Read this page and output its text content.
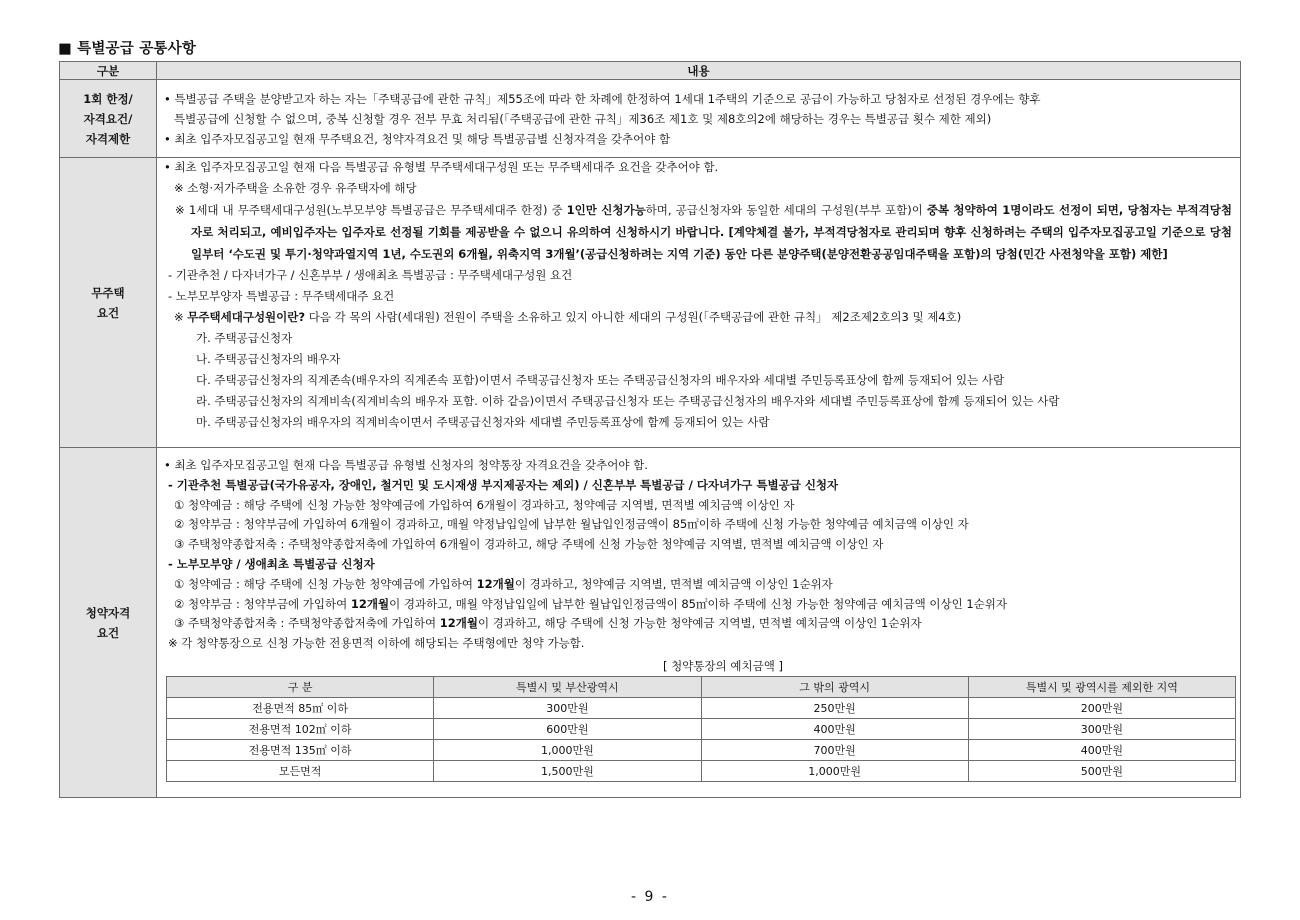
■ 특별공급 공통사항
구분	내용

1회 한정/
자격요건/
자격제한

• 특별공급 주택을 분양받고자 하는 자는「주택공급에 관한 규칙」제55조에 따라 한 차례에 한정하여 1세대 1주택의 기준으로 공급이 가능하고 당첨자로 선정된 경우에는 향후
특별공급에 신청할 수 없으며, 중복 신청할 경우 전부 무효 처리됨(「주택공급에 관한 규칙」제36조 제1호 및 제8호의2에 해당하는 경우는 특별공급 횟수 제한 제외)
• 최초 입주자모집공고일 현재 무주택요건, 청약자격요건 및 해당 특별공급별 신청자격을 갖추어야 함

무주택
요건

• 최초 입주자모집공고일 현재 다음 특별공급 유형별 무주택세대구성원 또는 무주택세대주 요건을 갖추어야 함.
※ 소형·저가주택을 소유한 경우 유주택자에 해당
※ 1세대 내 무주택세대구성원(노부모부양 특별공급은 무주택세대주 한정) 중 1인만 신청가능하며, 공급신청자와 동일한 세대의 구성원(부부 포함)이 중복 청약하여 1명이라도 선정이 되면, 당첨자는 부적격당첨자로 처리되고, 예비입주자는 입주자로 선정될 기회를 제공받을 수 없으니 유의하여 신청하시기 바랍니다. [계약체결 불가, 부적격당첨자로 관리되며 향후 신청하려는 주택의 입주자모집공고일 기준으로 당첨일부터 ‘수도권 및 투기·청약과열지역 1년, 수도권외 6개월, 위축지역 3개월’(공급신청하려는 지역 기준) 동안 다른 분양주택(분양전환공공임대주택을 포함)의 당첨(민간 사전청약을 포함) 제한]
- 기관추천 / 다자녀가구 / 신혼부부 / 생애최초 특별공급 : 무주택세대구성원 요건
- 노부모부양자 특별공급 : 무주택세대주 요건
※ 무주택세대구성원이란? 다음 각 목의 사람(세대원) 전원이 주택을 소유하고 있지 아니한 세대의 구성원(「주택공급에 관한 규칙」 제2조제2호의3 및 제4호)
가. 주택공급신청자
나. 주택공급신청자의 배우자
다. 주택공급신청자의 직계존속(배우자의 직계존속 포함)이면서 주택공급신청자 또는 주택공급신청자의 배우자와 세대별 주민등록표상에 함께 등재되어 있는 사람
라. 주택공급신청자의 직계비속(직계비속의 배우자 포함. 이하 같음)이면서 주택공급신청자 또는 주택공급신청자의 배우자와 세대별 주민등록표상에 함께 등재되어 있는 사람
마. 주택공급신청자의 배우자의 직계비속이면서 주택공급신청자와 세대별 주민등록표상에 함께 등재되어 있는 사람

청약자격
요건

• 최초 입주자모집공고일 현재 다음 특별공급 유형별 신청자의 청약통장 자격요건을 갖추어야 함.
- 기관추천 특별공급(국가유공자, 장애인, 철거민 및 도시재생 부지제공자는 제외) / 신혼부부 특별공급 / 다자녀가구 특별공급 신청자
① 청약예금 : 해당 주택에 신청 가능한 청약예금에 가입하여 6개월이 경과하고, 청약예금 지역별, 면적별 예치금액 이상인 자
② 청약부금 : 청약부금에 가입하여 6개월이 경과하고, 매월 약정납입일에 납부한 월납입인정금액이 85㎡이하 주택에 신청 가능한 청약예금 예치금액 이상인 자
③ 주택청약종합저축 : 주택청약종합저축에 가입하여 6개월이 경과하고, 해당 주택에 신청 가능한 청약예금 지역별, 면적별 예치금액 이상인 자
- 노부모부양 / 생애최초 특별공급 신청자
① 청약예금 : 해당 주택에 신청 가능한 청약예금에 가입하여 12개월이 경과하고, 청약예금 지역별, 면적별 예치금액 이상인 1순위자
② 청약부금 : 청약부금에 가입하여 12개월이 경과하고, 매월 약정납입일에 납부한 월납입인정금액이 85㎡이하 주택에 신청 가능한 청약예금 예치금액 이상인 1순위자
③ 주택청약종합저축 : 주택청약종합저축에 가입하여 12개월이 경과하고, 해당 주택에 신청 가능한 청약예금 지역별, 면적별 예치금액 이상인 1순위자
※ 각 청약통장으로 신청 가능한 전용면적 이하에 해당되는 주택형에만 청약 가능함.
[ 청약통장의 예치금액 ]
구 분	특별시 및 부산광역시	그 밖의 광역시	특별시 및 광역시를 제외한 지역
전용면적 85㎡ 이하	300만원	250만원	200만원
전용면적 102㎡ 이하	600만원	400만원	300만원
전용면적 135㎡ 이하	1,000만원	700만원	400만원
모든면적	1,500만원	1,000만원	500만원
- 9 -
